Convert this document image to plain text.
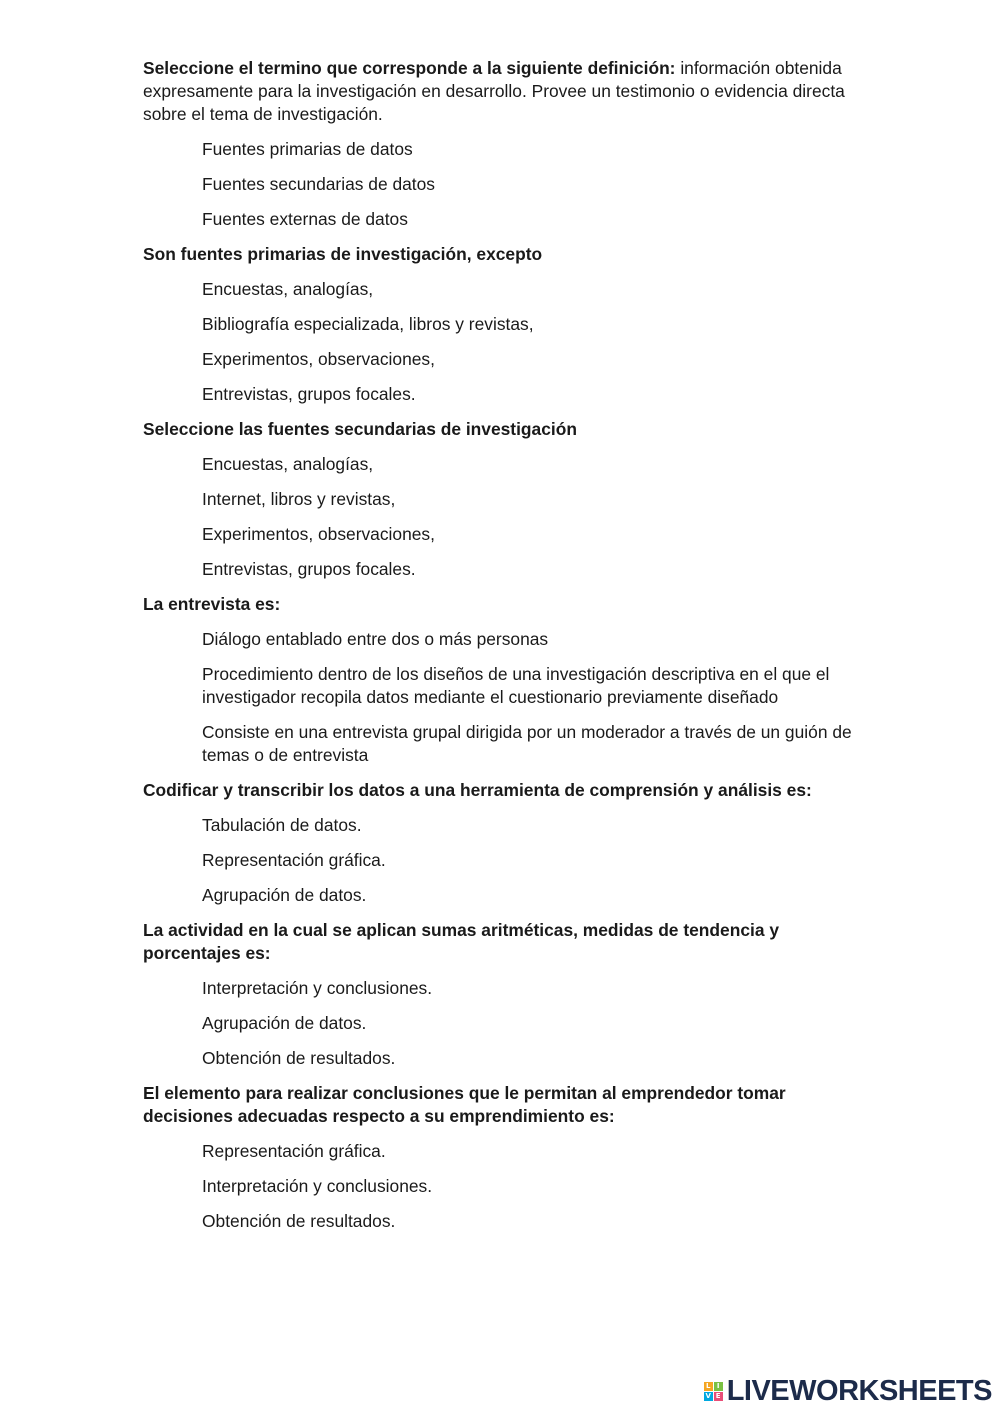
Seleccione el termino que corresponde a la siguiente definición: información obtenida expresamente para la investigación en desarrollo. Provee un testimonio o evidencia directa sobre el tema de investigación.

Fuentes primarias de datos
Fuentes secundarias de datos
Fuentes externas de datos

Son fuentes primarias de investigación, excepto

Encuestas, analogías,
Bibliografía especializada, libros y revistas,
Experimentos, observaciones,
Entrevistas, grupos focales.

Seleccione las fuentes secundarias de investigación

Encuestas, analogías,
Internet, libros y revistas,
Experimentos, observaciones,
Entrevistas, grupos focales.

La entrevista es:

Diálogo entablado entre dos o más personas
Procedimiento dentro de los diseños de una investigación descriptiva en el que el investigador recopila datos mediante el cuestionario previamente diseñado
Consiste en una entrevista grupal dirigida por un moderador a través de un guión de temas o de entrevista

Codificar y transcribir los datos a una herramienta de comprensión y análisis es:

Tabulación de datos.
Representación gráfica.
Agrupación de datos.

La actividad en la cual se aplican sumas aritméticas, medidas de tendencia y porcentajes es:

Interpretación y conclusiones.
Agrupación de datos.
Obtención de resultados.

El elemento para realizar conclusiones que le permitan al emprendedor tomar decisiones adecuadas respecto a su emprendimiento es:

Representación gráfica.
Interpretación y conclusiones.
Obtención de resultados.
L I
V E LIVEWORKSHEETS
